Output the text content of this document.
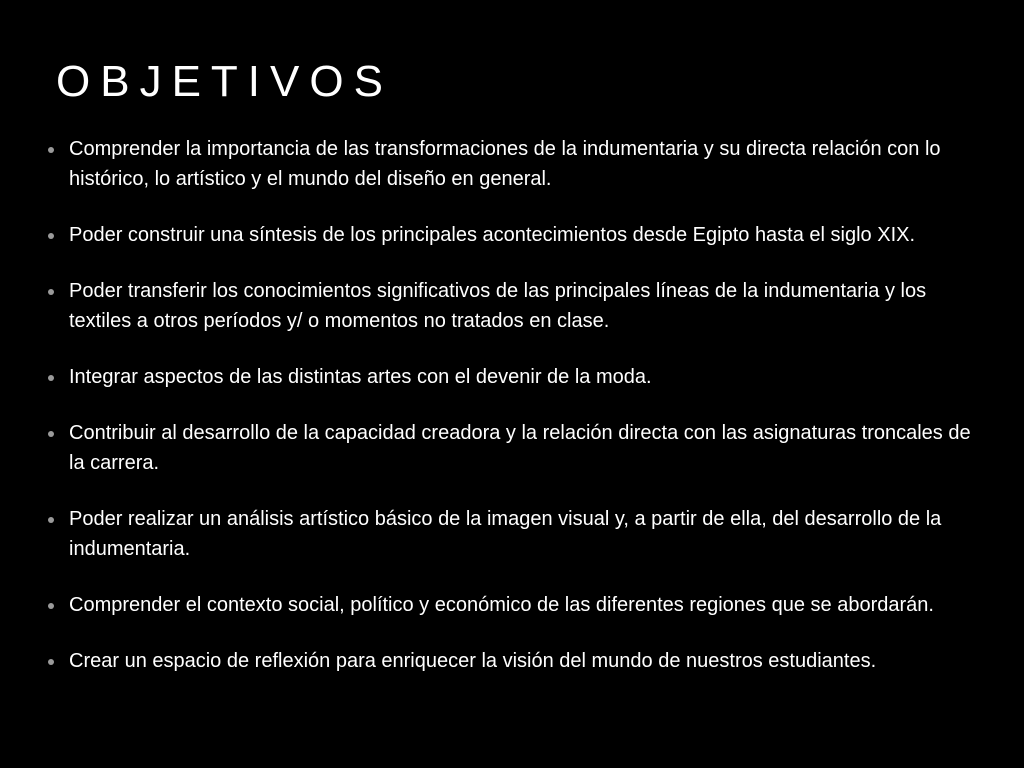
OBJETIVOS
Comprender la importancia de las transformaciones de la indumentaria y su directa relación con lo histórico, lo artístico y el mundo del diseño en general.
Poder construir una síntesis de los principales acontecimientos desde Egipto hasta el siglo XIX.
Poder transferir los conocimientos significativos de las principales líneas de la indumentaria y los textiles a otros períodos y/ o momentos no tratados en clase.
Integrar aspectos de las distintas artes con el devenir de la moda.
Contribuir al desarrollo de la capacidad creadora y la relación directa con las asignaturas troncales de la carrera.
Poder realizar un análisis artístico básico de la imagen visual y, a partir de ella, del desarrollo de la indumentaria.
Comprender el contexto social, político y económico de las diferentes regiones que se abordarán.
Crear un espacio de reflexión para enriquecer la visión del mundo de nuestros estudiantes.
